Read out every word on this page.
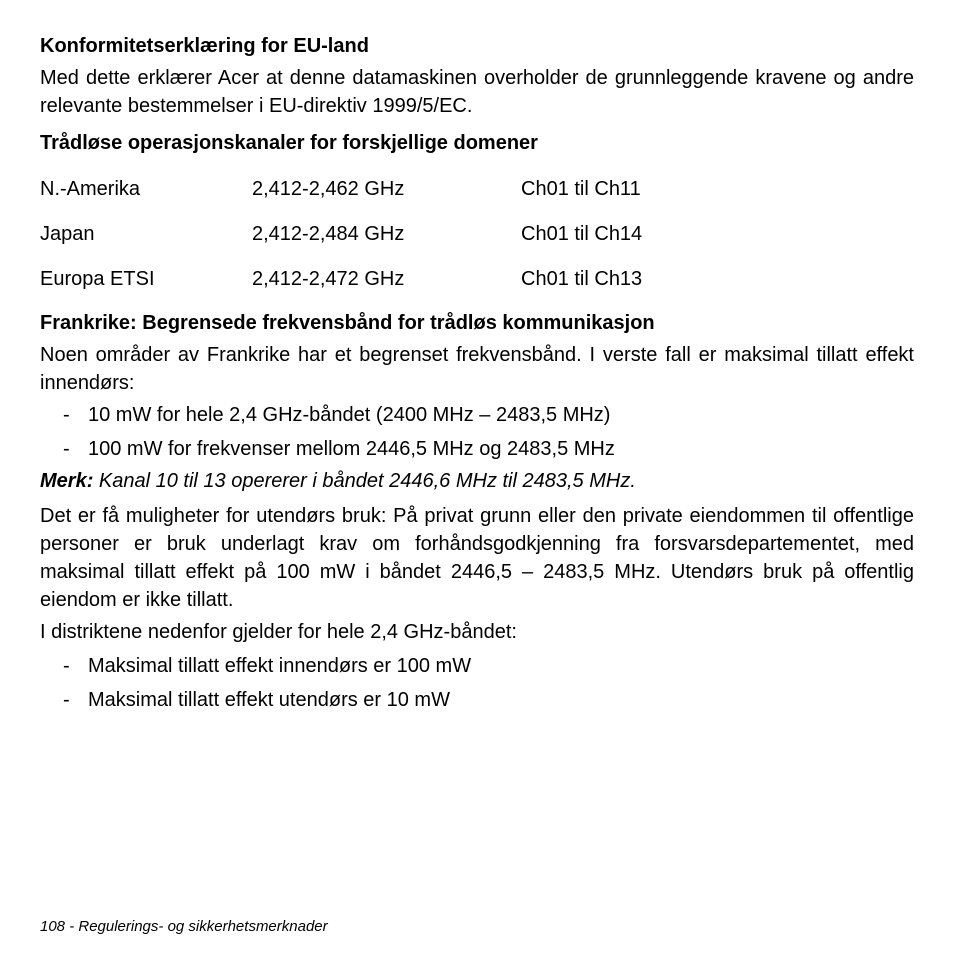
Konformitetserklæring for EU-land

Med dette erklærer Acer at denne datamaskinen overholder de grunnleggende kravene og andre relevante bestemmelser i EU-direktiv 1999/5/EC.

Trådløse operasjonskanaler for forskjellige domener
N.-Amerika	2,412-2,462 GHz	Ch01 til Ch11
Japan	2,412-2,484 GHz	Ch01 til Ch14
Europa ETSI	2,412-2,472 GHz	Ch01 til Ch13
Frankrike: Begrensede frekvensbånd for trådløs kommunikasjon

Noen områder av Frankrike har et begrenset frekvensbånd. I verste fall er maksimal tillatt effekt innendørs:

- 10 mW for hele 2,4 GHz-båndet (2400 MHz – 2483,5 MHz)
- 100 mW for frekvenser mellom 2446,5 MHz og 2483,5 MHz

Merk: Kanal 10 til 13 opererer i båndet 2446,6 MHz til 2483,5 MHz.

Det er få muligheter for utendørs bruk: På privat grunn eller den private eiendommen til offentlige personer er bruk underlagt krav om forhåndsgodkjenning fra forsvarsdepartementet, med maksimal tillatt effekt på 100 mW i båndet 2446,5 – 2483,5 MHz. Utendørs bruk på offentlig eiendom er ikke tillatt.

I distriktene nedenfor gjelder for hele 2,4 GHz-båndet:

- Maksimal tillatt effekt innendørs er 100 mW
- Maksimal tillatt effekt utendørs er 10 mW
108 - Regulerings- og sikkerhetsmerknader
